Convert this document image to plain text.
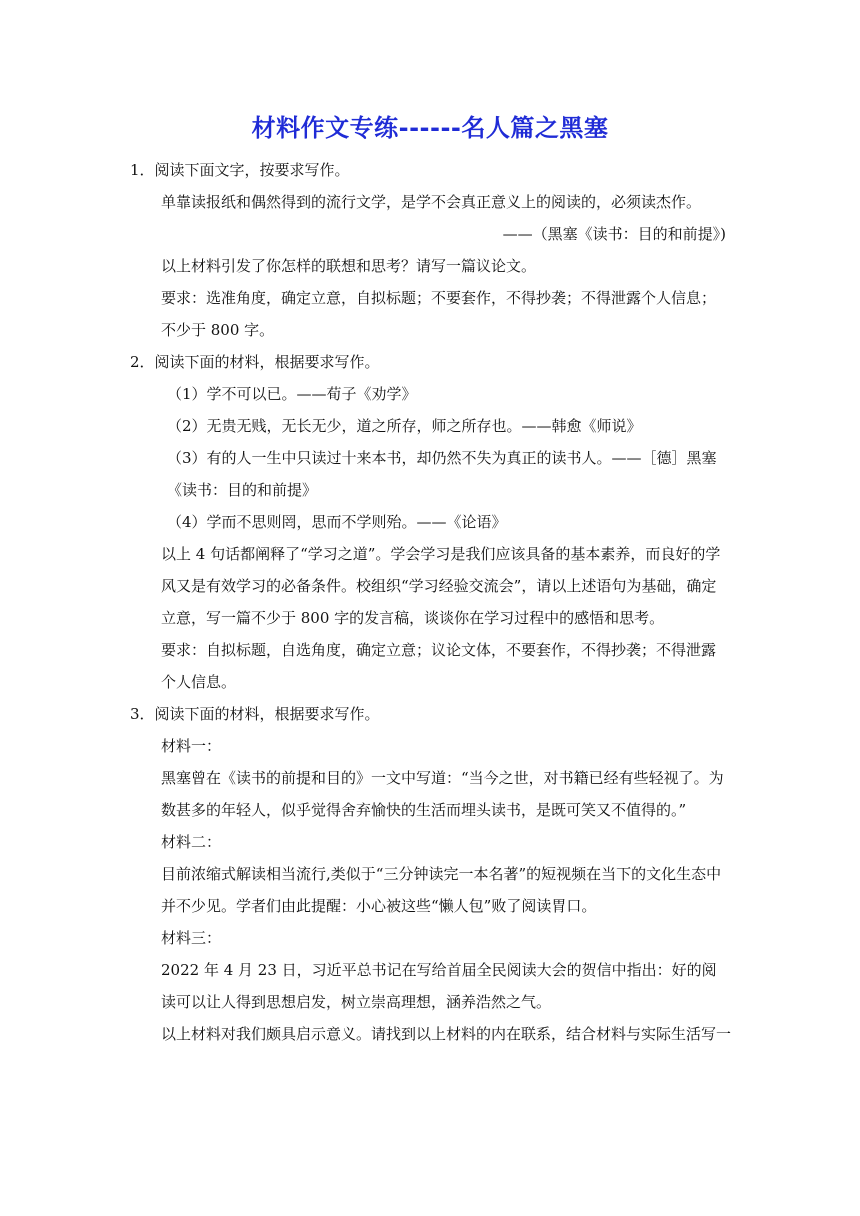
材料作文专练------名人篇之黑塞

1．阅读下面文字，按要求写作。

单靠读报纸和偶然得到的流行文学，是学不会真正意义上的阅读的，必须读杰作。

——（黑塞《读书：目的和前提》)

以上材料引发了你怎样的联想和思考？请写一篇议论文。

要求：选准角度，确定立意，自拟标题；不要套作，不得抄袭；不得泄露个人信息；不少于 800 字。

2．阅读下面的材料，根据要求写作。

（1）学不可以已。——荀子《劝学》

（2）无贵无贱，无长无少，道之所存，师之所存也。——韩愈《师说》

（3）有的人一生中只读过十来本书，却仍然不失为真正的读书人。——［德］黑塞《读书：目的和前提》

（4）学而不思则罔，思而不学则殆。——《论语》

以上 4 句话都阐释了“学习之道”。学会学习是我们应该具备的基本素养，而良好的学风又是有效学习的必备条件。校组织“学习经验交流会”，请以上述语句为基础，确定立意，写一篇不少于 800 字的发言稿，谈谈你在学习过程中的感悟和思考。

要求：自拟标题，自选角度，确定立意；议论文体，不要套作，不得抄袭；不得泄露个人信息。

3．阅读下面的材料，根据要求写作。

材料一：

黑塞曾在《读书的前提和目的》一文中写道：“当今之世，对书籍已经有些轻视了。为数甚多的年轻人，似乎觉得舍弃愉快的生活而埋头读书，是既可笑又不值得的。”

材料二：

目前浓缩式解读相当流行,类似于“三分钟读完一本名著”的短视频在当下的文化生态中并不少见。学者们由此提醒：小心被这些“懒人包”败了阅读胃口。

材料三：

2022 年 4 月 23 日，习近平总书记在写给首届全民阅读大会的贺信中指出：好的阅读可以让人得到思想启发，树立崇高理想，涵养浩然之气。

以上材料对我们颇具启示意义。请找到以上材料的内在联系，结合材料与实际生活写一
